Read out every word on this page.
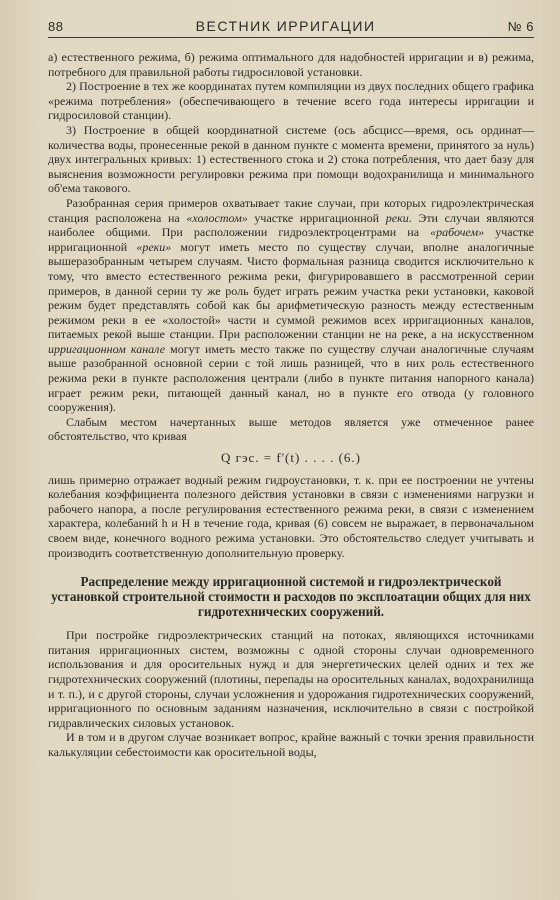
88	ВЕСТНИК ИРРИГАЦИИ	№ 6

а) естественного режима, б) режима оптимального для надобностей ирригации и в) режима, потребного для правильной работы гидросиловой установки.

2) Построение в тех же координатах путем компиляции из двух последних общего графика «режима потребления» (обеспечивающего в течение всего года интересы ирригации и гидросиловой станции).

3) Построение в общей координатной системе (ось абсцисс—время, ось ординат—количества воды, пронесенные рекой в данном пункте с момента времени, принятого за нуль) двух интегральных кривых: 1) естественного стока и 2) стока потребления, что дает базу для выяснения возможности регулировки режима при помощи водохранилища и минимального об'ема такового.

Разобранная серия примеров охватывает такие случаи, при которых гидроэлектрическая станция расположена на «холостом» участке ирригационной реки. Эти случаи являются наиболее общими. При расположении гидроэлектроцентрами на «рабочем» участке ирригационной «реки» могут иметь место по существу случаи, вполне аналогичные вышеразобранным четырем случаям. Чисто формальная разница сводится исключительно к тому, что вместо естественного режима реки, фигурировавшего в рассмотренной серии примеров, в данной серии ту же роль будет играть режим участка реки установки, каковой режим будет представлять собой как бы арифметическую разность между естественным режимом реки в ее «холостой» части и суммой режимов всех ирригационных каналов, питаемых рекой выше станции. При расположении станции не на реке, а на искусственном ирригационном канале могут иметь место также по существу случаи аналогичные случаям выше разобранной основной серии с той лишь разницей, что в них роль естественного режима реки в пункте расположения централи (либо в пункте питания напорного канала) играет режим реки, питающей данный канал, но в пункте его отвода (у головного сооружения).

Слабым местом начертанных выше методов является уже отмеченное ранее обстоятельство, что кривая

Q гэс. = f'(t) . . . . (6.)

лишь примерно отражает водный режим гидроустановки, т. к. при ее построении не учтены колебания коэффициента полезного действия установки в связи с изменениями нагрузки и рабочего напора, а после регулирования естественного режима реки, в связи с изменением характера, колебаний h и H в течение года, кривая (6) совсем не выражает, в первоначальном своем виде, конечного водного режима установки. Это обстоятельство следует учитывать и производить соответственную дополнительную проверку.

Распределение между ирригационной системой и гидроэлектрической установкой строительной стоимости и расходов по эксплоатации общих для них гидротехнических сооружений.

При постройке гидроэлектрических станций на потоках, являющихся источниками питания ирригационных систем, возможны с одной стороны случаи одновременного использования и для оросительных нужд и для энергетических целей одних и тех же гидротехнических сооружений (плотины, перепады на оросительных каналах, водохранилища и т. п.), и с другой стороны, случаи усложнения и удорожания гидротехнических сооружений, ирригационного по основным заданиям назначения, исключительно в связи с постройкой гидравлических силовых установок.

И в том и в другом случае возникает вопрос, крайне важный с точки зрения правильности калькуляции себестоимости как оросительной воды,
